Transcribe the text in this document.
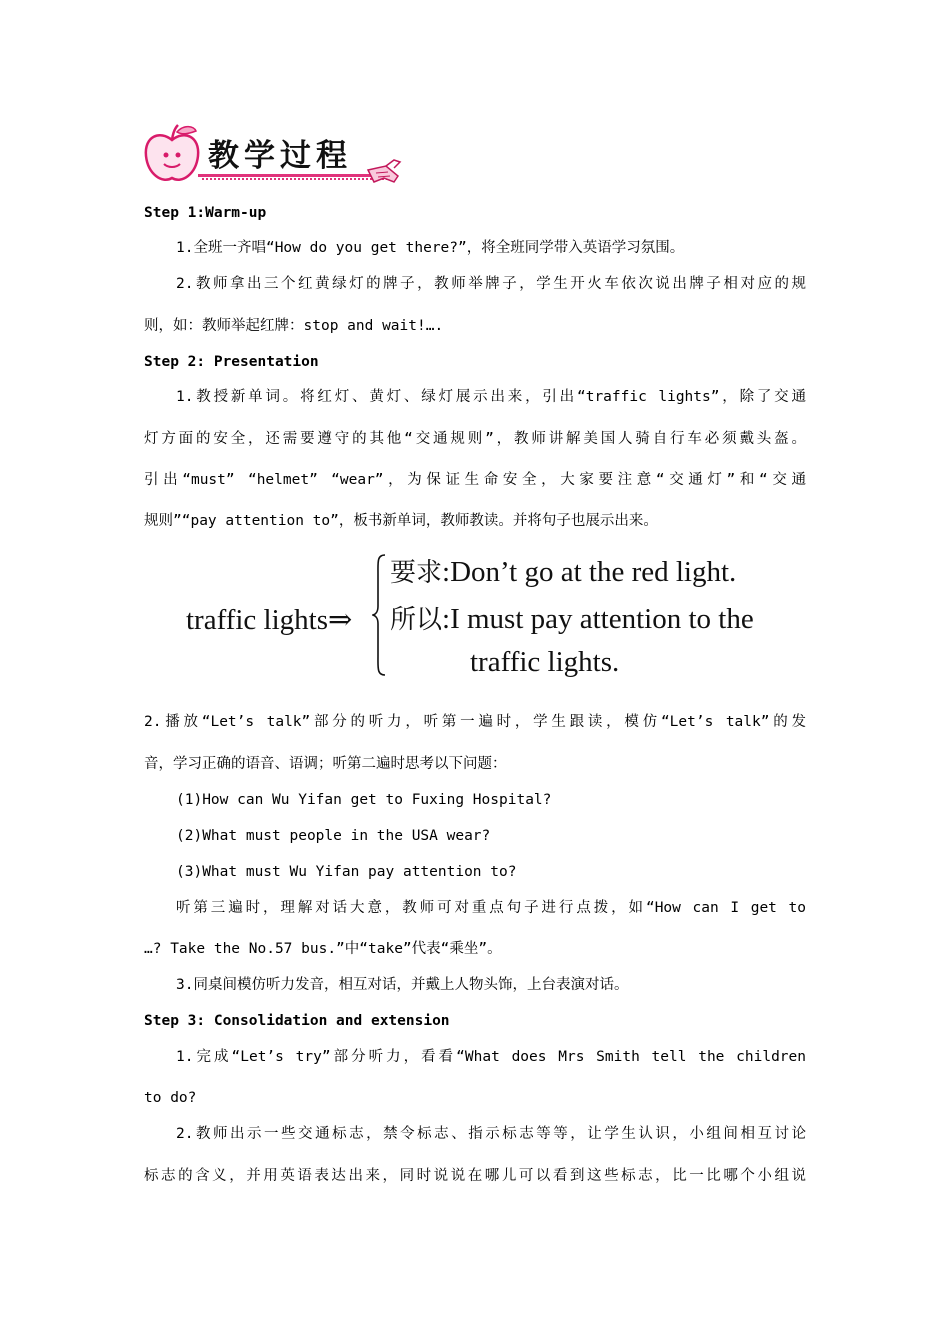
教学过程
Step 1:Warm-up
1.全班一齐唱“How do you get there?”，将全班同学带入英语学习氛围。
2.教师拿出三个红黄绿灯的牌子，教师举牌子，学生开火车依次说出牌子相对应的规
则，如：教师举起红牌：stop and wait!….
Step 2: Presentation
1.教授新单词。将红灯、黄灯、绿灯展示出来，引出“traffic lights”，除了交通
灯方面的安全，还需要遵守的其他“交通规则”，教师讲解美国人骑自行车必须戴头盔。
引出“must” “helmet” “wear”，为保证生命安全，大家要注意“交通灯”和“交通
规则”“pay attention to”，板书新单词，教师教读。并将句子也展示出来。
traffic lights⇒
要求:Don’t go at the red light.
所以:I must pay attention to the
traffic lights.
2.播放“Let’s talk”部分的听力，听第一遍时，学生跟读，模仿“Let’s talk”的发
音，学习正确的语音、语调；听第二遍时思考以下问题：
(1)How can Wu Yifan get to Fuxing Hospital?
(2)What must people in the USA wear?
(3)What must Wu Yifan pay attention to?
听第三遍时，理解对话大意，教师可对重点句子进行点拨，如“How can I get to
…? Take the No.57 bus.”中“take”代表“乘坐”。
3.同桌间模仿听力发音，相互对话，并戴上人物头饰，上台表演对话。
Step 3: Consolidation and extension
1.完成“Let’s try”部分听力，看看“What does Mrs Smith tell the children
to do?
2.教师出示一些交通标志，禁令标志、指示标志等等，让学生认识，小组间相互讨论
标志的含义，并用英语表达出来，同时说说在哪儿可以看到这些标志，比一比哪个小组说
